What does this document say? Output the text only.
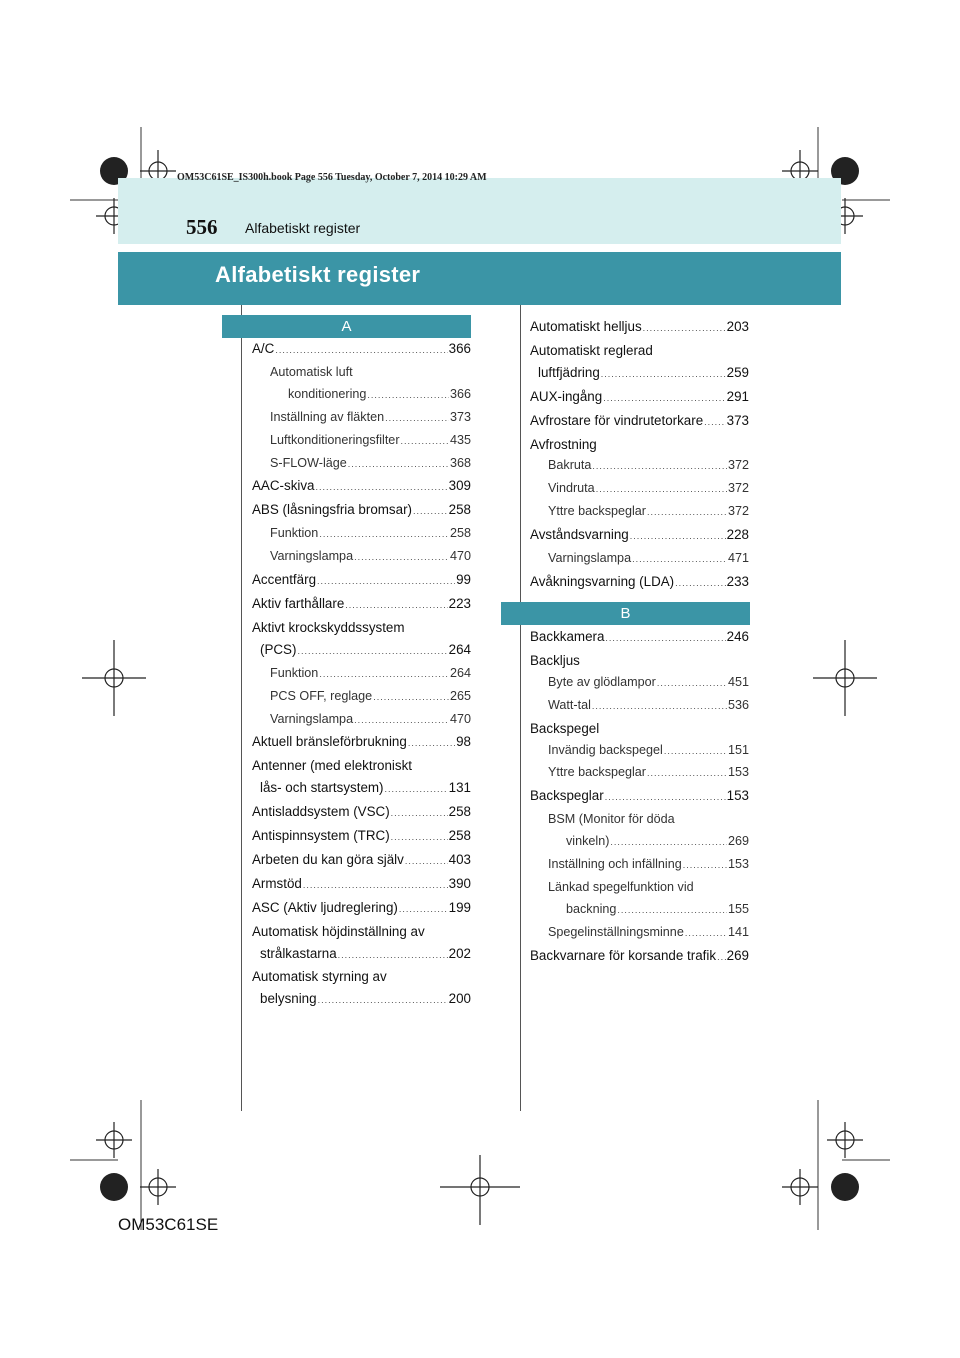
OM53C61SE_IS300h.book Page 556 Tuesday, October 7, 2014 10:29 AM
556 Alfabetiskt register
Alfabetiskt register
A
B
A/C .....	366
Automatisk luft
konditionering .....	366
Inställning av fläkten .....	373
Luftkonditioneringsfilter .....	435
S-FLOW-läge .....	368
AAC-skiva .....	309
ABS (låsningsfria bromsar) .....	258
Funktion .....	258
Varningslampa .....	470
Accentfärg .....	99
Aktiv farthållare .....	223
Aktivt krockskyddssystem
(PCS) .....	264
Funktion .....	264
PCS OFF, reglage .....	265
Varningslampa .....	470
Aktuell bränsleförbrukning .....	98
Antenner (med elektroniskt
lås- och startsystem) .....	131
Antisladdsystem (VSC) .....	258
Antispinnsystem (TRC) .....	258
Arbeten du kan göra själv .....	403
Armstöd .....	390
ASC (Aktiv ljudreglering) .....	199
Automatisk höjdinställning av
strålkastarna .....	202
Automatisk styrning av
belysning .....	200
Automatiskt helljus .....	203
Automatiskt reglerad
luftfjädring .....	259
AUX-ingång .....	291
Avfrostare för vindrutetorkare ..... 373
Avfrostning
Bakruta .....	372
Vindruta .....	372
Yttre backspeglar .....	372
Avståndsvarning .....	228
Varningslampa .....	471
Avåkningsvarning (LDA) .....	233
Backkamera .....	246
Backljus
Byte av glödlampor .....	451
Watt-tal .....	536
Backspegel
Invändig backspegel .....	151
Yttre backspeglar .....	153
Backspeglar .....	153
BSM (Monitor för döda
vinkeln) .....	269
Inställning och infällning .....	153
Länkad spegelfunktion vid
backning .....	155
Spegelinställningsminne .....	141
Backvarnare för korsande trafik ..... 269
OM53C61SE
